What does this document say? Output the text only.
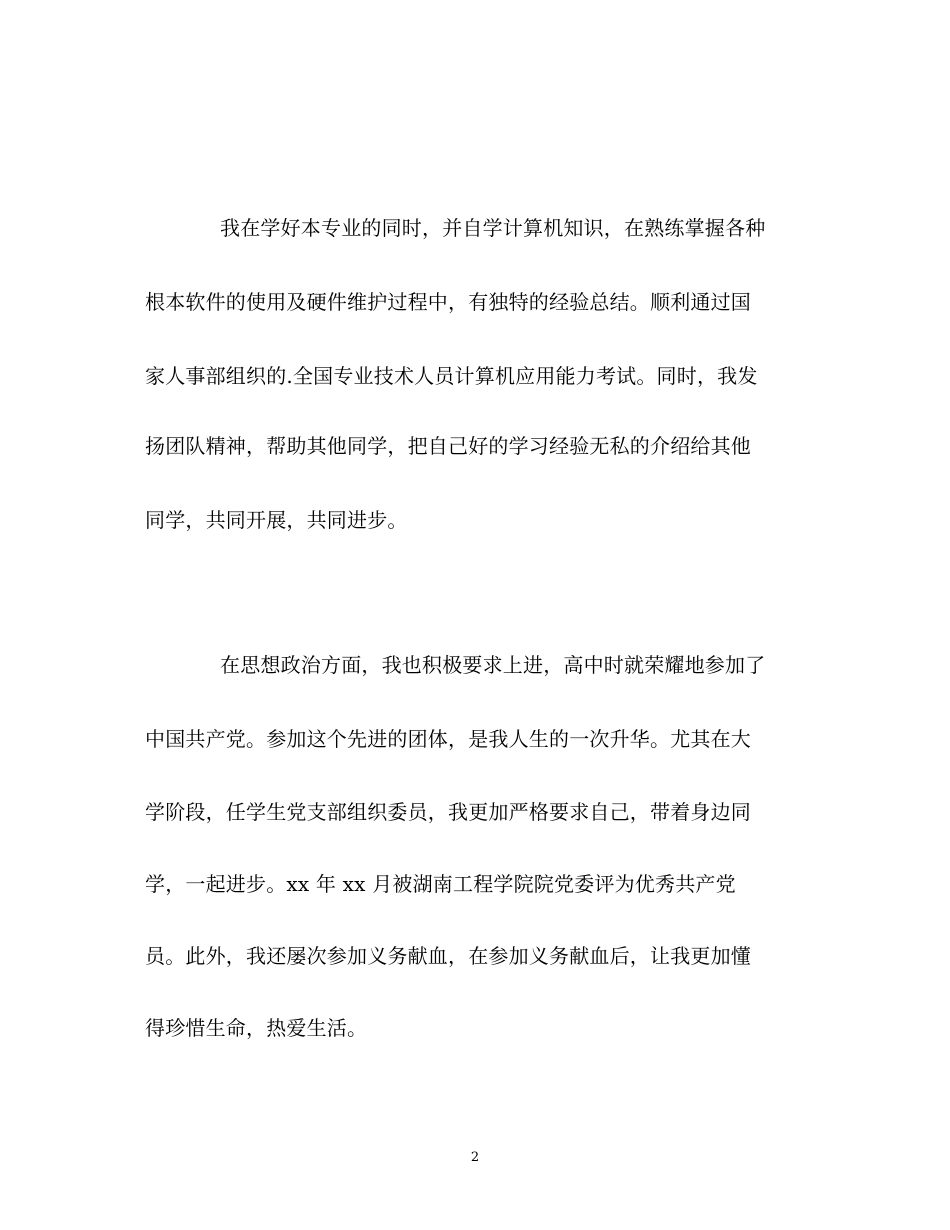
我在学好本专业的同时，并自学计算机知识，在熟练掌握各种
根本软件的使用及硬件维护过程中，有独特的经验总结。顺利通过国
家人事部组织的.全国专业技术人员计算机应用能力考试。同时，我发
扬团队精神，帮助其他同学，把自己好的学习经验无私的介绍给其他
同学，共同开展，共同进步。
在思想政治方面，我也积极要求上进，高中时就荣耀地参加了
中国共产党。参加这个先进的团体，是我人生的一次升华。尤其在大
学阶段，任学生党支部组织委员，我更加严格要求自己，带着身边同
学，一起进步。xx 年 xx 月被湖南工程学院院党委评为优秀共产党
员。此外，我还屡次参加义务献血，在参加义务献血后，让我更加懂
得珍惜生命，热爱生活。
2
